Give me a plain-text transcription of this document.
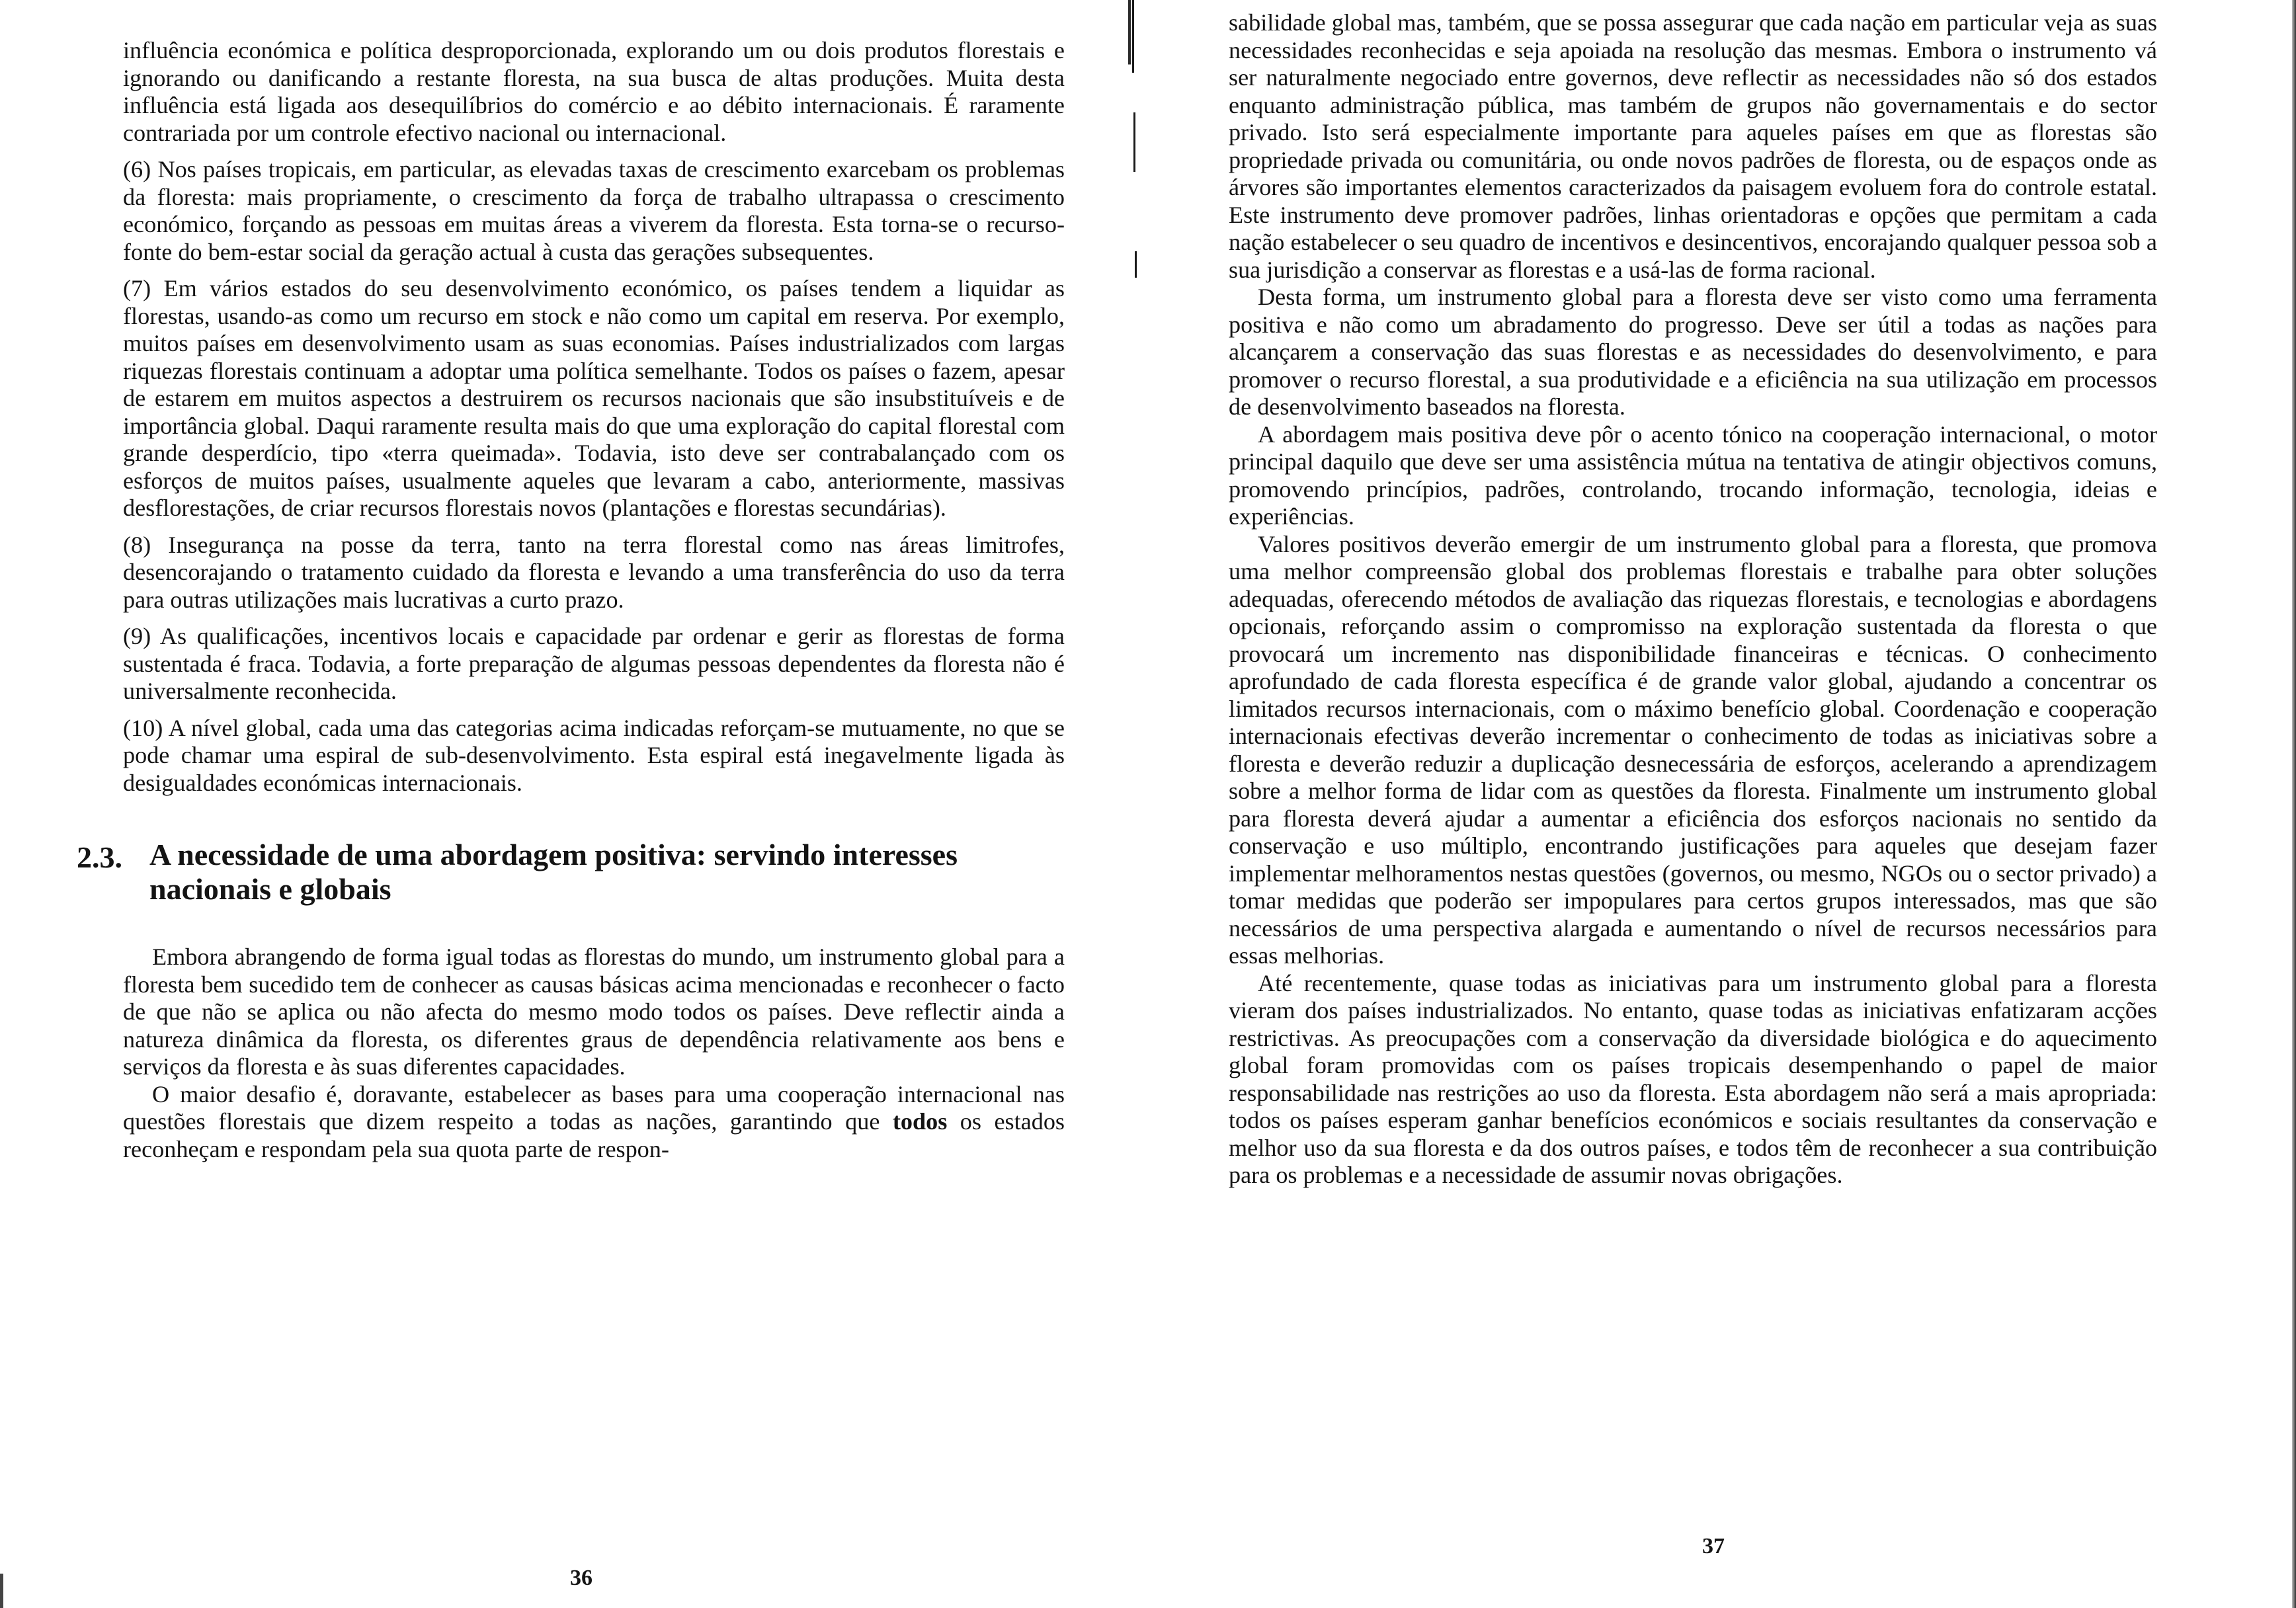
influência económica e política desproporcionada, explorando um ou dois produtos florestais e ignorando ou danificando a restante floresta, na sua busca de altas produções. Muita desta influência está ligada aos desequilíbrios do comércio e ao débito internacionais. É raramente contrariada por um controle efectivo nacional ou internacional.

(6) Nos países tropicais, em particular, as elevadas taxas de crescimento exarcebam os problemas da floresta: mais propriamente, o crescimento da força de trabalho ultrapassa o crescimento económico, forçando as pessoas em muitas áreas a viverem da floresta. Esta torna-se o recurso-fonte do bem-estar social da geração actual à custa das gerações subsequentes.

(7) Em vários estados do seu desenvolvimento económico, os países tendem a liquidar as florestas, usando-as como um recurso em stock e não como um capital em reserva. Por exemplo, muitos países em desenvolvimento usam as suas economias. Países industrializados com largas riquezas florestais continuam a adoptar uma política semelhante. Todos os países o fazem, apesar de estarem em muitos aspectos a destruirem os recursos nacionais que são insubstituíveis e de importância global. Daqui raramente resulta mais do que uma exploração do capital florestal com grande desperdício, tipo «terra queimada». Todavia, isto deve ser contrabalançado com os esforços de muitos países, usualmente aqueles que levaram a cabo, anteriormente, massivas desflorestações, de criar recursos florestais novos (plantações e florestas secundárias).

(8) Insegurança na posse da terra, tanto na terra florestal como nas áreas limitrofes, desencorajando o tratamento cuidado da floresta e levando a uma transferência do uso da terra para outras utilizações mais lucrativas a curto prazo.

(9) As qualificações, incentivos locais e capacidade par ordenar e gerir as florestas de forma sustentada é fraca. Todavia, a forte preparação de algumas pessoas dependentes da floresta não é universalmente reconhecida.

(10) A nível global, cada uma das categorias acima indicadas reforçam-se mutuamente, no que se pode chamar uma espiral de sub-desenvolvimento. Esta espiral está inegavelmente ligada às desigualdades económicas internacionais.

2.3. A necessidade de uma abordagem positiva: servindo interesses nacionais e globais

Embora abrangendo de forma igual todas as florestas do mundo, um instrumento global para a floresta bem sucedido tem de conhecer as causas básicas acima mencionadas e reconhecer o facto de que não se aplica ou não afecta do mesmo modo todos os países. Deve reflectir ainda a natureza dinâmica da floresta, os diferentes graus de dependência relativamente aos bens e serviços da floresta e às suas diferentes capacidades.

O maior desafio é, doravante, estabelecer as bases para uma cooperação internacional nas questões florestais que dizem respeito a todas as nações, garantindo que todos os estados reconheçam e respondam pela sua quota parte de respon-

36

sabilidade global mas, também, que se possa assegurar que cada nação em particular veja as suas necessidades reconhecidas e seja apoiada na resolução das mesmas. Embora o instrumento vá ser naturalmente negociado entre governos, deve reflectir as necessidades não só dos estados enquanto administração pública, mas também de grupos não governamentais e do sector privado. Isto será especialmente importante para aqueles países em que as florestas são propriedade privada ou comunitária, ou onde novos padrões de floresta, ou de espaços onde as árvores são importantes elementos caracterizados da paisagem evoluem fora do controle estatal. Este instrumento deve promover padrões, linhas orientadoras e opções que permitam a cada nação estabelecer o seu quadro de incentivos e desincentivos, encorajando qualquer pessoa sob a sua jurisdição a conservar as florestas e a usá-las de forma racional.

Desta forma, um instrumento global para a floresta deve ser visto como uma ferramenta positiva e não como um abradamento do progresso. Deve ser útil a todas as nações para alcançarem a conservação das suas florestas e as necessidades do desenvolvimento, e para promover o recurso florestal, a sua produtividade e a eficiência na sua utilização em processos de desenvolvimento baseados na floresta.

A abordagem mais positiva deve pôr o acento tónico na cooperação internacional, o motor principal daquilo que deve ser uma assistência mútua na tentativa de atingir objectivos comuns, promovendo princípios, padrões, controlando, trocando informação, tecnologia, ideias e experiências.

Valores positivos deverão emergir de um instrumento global para a floresta, que promova uma melhor compreensão global dos problemas florestais e trabalhe para obter soluções adequadas, oferecendo métodos de avaliação das riquezas florestais, e tecnologias e abordagens opcionais, reforçando assim o compromisso na exploração sustentada da floresta o que provocará um incremento nas disponibilidade financeiras e técnicas. O conhecimento aprofundado de cada floresta específica é de grande valor global, ajudando a concentrar os limitados recursos internacionais, com o máximo benefício global. Coordenação e cooperação internacionais efectivas deverão incrementar o conhecimento de todas as iniciativas sobre a floresta e deverão reduzir a duplicação desnecessária de esforços, acelerando a aprendizagem sobre a melhor forma de lidar com as questões da floresta. Finalmente um instrumento global para floresta deverá ajudar a aumentar a eficiência dos esforços nacionais no sentido da conservação e uso múltiplo, encontrando justificações para aqueles que desejam fazer implementar melhoramentos nestas questões (governos, ou mesmo, NGOs ou o sector privado) a tomar medidas que poderão ser impopulares para certos grupos interessados, mas que são necessários de uma perspectiva alargada e aumentando o nível de recursos necessários para essas melhorias.

Até recentemente, quase todas as iniciativas para um instrumento global para a floresta vieram dos países industrializados. No entanto, quase todas as iniciativas enfatizaram acções restrictivas. As preocupações com a conservação da diversidade biológica e do aquecimento global foram promovidas com os países tropicais desempenhando o papel de maior responsabilidade nas restrições ao uso da floresta. Esta abordagem não será a mais apropriada: todos os países esperam ganhar benefícios económicos e sociais resultantes da conservação e melhor uso da sua floresta e da dos outros países, e todos têm de reconhecer a sua contribuição para os problemas e a necessidade de assumir novas obrigações.

37
